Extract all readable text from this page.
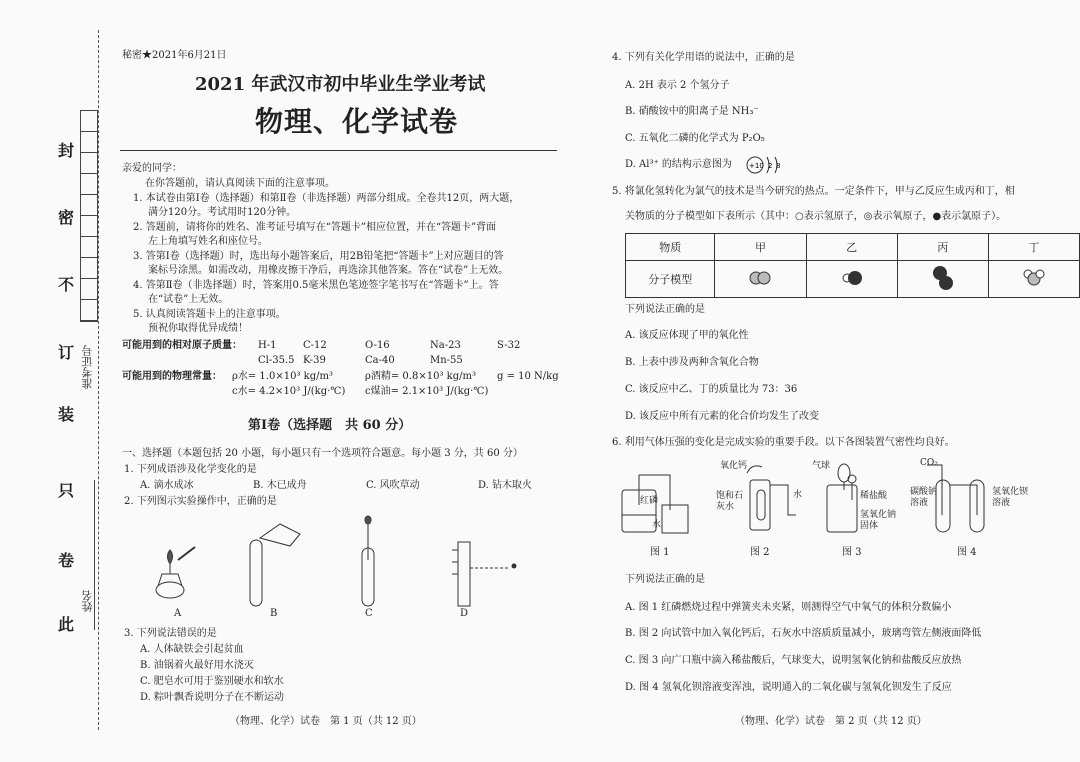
封
密
不
订
装
只
卷
此
准考证号
姓名
秘密★2021年6月21日
2021 年武汉市初中毕业生学业考试
物理、化学试卷
亲爱的同学：
在你答题前，请认真阅读下面的注意事项。
1. 本试卷由第Ⅰ卷（选择题）和第Ⅱ卷（非选择题）两部分组成。全卷共12页，两大题，
满分120分。考试用时120分钟。
2. 答题前，请将你的姓名、准考证号填写在“答题卡”相应位置，并在“答题卡”背面
左上角填写姓名和座位号。
3. 答第Ⅰ卷（选择题）时，选出每小题答案后，用2B铅笔把“答题卡”上对应题目的答
案标号涂黑。如需改动，用橡皮擦干净后，再选涂其他答案。答在“试卷”上无效。
4. 答第Ⅱ卷（非选择题）时，答案用0.5毫米黑色笔迹签字笔书写在“答题卡”上。答
在“试卷”上无效。
5. 认真阅读答题卡上的注意事项。
预祝你取得优异成绩！
可能用到的相对原子质量： H-1	C-12	O-16	Na-23	S-32
Cl-35.5 K-39	Ca-40	Mn-55
可能用到的物理常量： ρ水= 1.0×10³ kg/m³	ρ酒精= 0.8×10³ kg/m³ g = 10 N/kg
c水= 4.2×10³ J/(kg·℃) c煤油= 2.1×10³ J/(kg·℃)
第Ⅰ卷（选择题　共 60 分）
一、选择题（本题包括 20 小题，每小题只有一个选项符合题意。每小题 3 分，共 60 分）
1. 下列成语涉及化学变化的是
A. 滴水成冰	B. 木已成舟	C. 风吹草动	D. 钻木取火
2. 下列图示实验操作中，正确的是
A	B	C	D
3. 下列说法错误的是
A. 人体缺铁会引起贫血
B. 油锅着火最好用水浇灭
C. 肥皂水可用于鉴别硬水和软水
D. 粽叶飘香说明分子在不断运动
（物理、化学）试卷　第 1 页（共 12 页）
4. 下列有关化学用语的说法中，正确的是
A. 2H 表示 2 个氢分子
B. 硝酸铵中的阳离子是 NH₃⁻
C. 五氧化二磷的化学式为 P₂O₅
D. Al³⁺ 的结构示意图为 +10 2 8
5. 将氯化氢转化为氯气的技术是当今研究的热点。一定条件下，甲与乙反应生成丙和丁，相
关物质的分子模型如下表所示（其中：○表示氢原子，◎表示氧原子，●表示氯原子）。
物质	甲	乙	丙	丁
分子模型				
下列说法正确的是
A. 该反应体现了甲的氧化性
B. 上表中涉及两种含氧化合物
C. 该反应中乙、丁的质量比为 73：36
D. 该反应中所有元素的化合价均发生了改变
6. 利用气体压强的变化是完成实验的重要手段。以下各图装置气密性均良好。
红磷
水
氧化钙
饱和石灰水
水
气球
稀盐酸
氢氧化钠固体
CO₂
碳酸钠溶液
氢氧化钡溶液
图 1	图 2	图 3	图 4
下列说法正确的是
A. 图 1 红磷燃烧过程中弹簧夹未夹紧，则测得空气中氧气的体积分数偏小
B. 图 2 向试管中加入氧化钙后，石灰水中溶质质量减小，玻璃弯管左侧液面降低
C. 图 3 向广口瓶中滴入稀盐酸后，气球变大，说明氢氧化钠和盐酸反应放热
D. 图 4 氢氧化钡溶液变浑浊，说明通入的二氧化碳与氢氧化钡发生了反应
（物理、化学）试卷　第 2 页（共 12 页）
